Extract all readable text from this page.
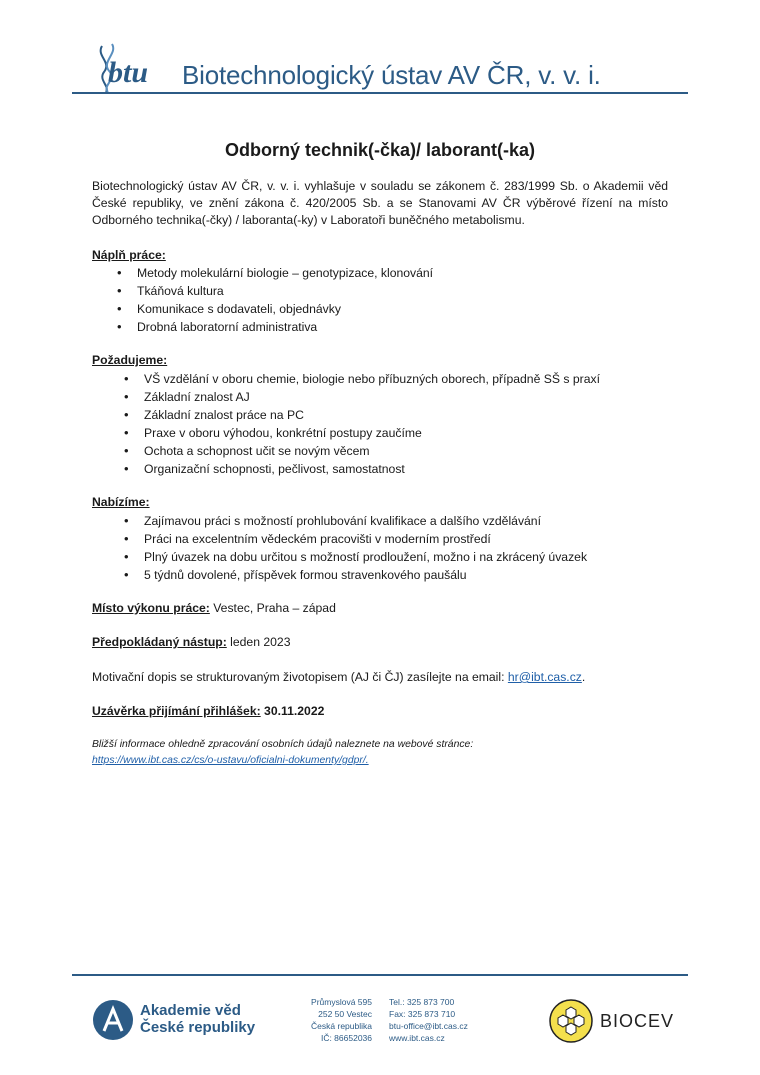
btu Biotechnologický ústav AV ČR, v. v. i.
Odborný technik(-čka)/ laborant(-ka)
Biotechnologický ústav AV ČR, v. v. i. vyhlašuje v souladu se zákonem č. 283/1999 Sb. o Akademii věd České republiky, ve znění zákona č. 420/2005 Sb. a se Stanovami AV ČR výběrové řízení na místo Odborného technika(-čky) / laboranta(-ky) v Laboratoři buněčného metabolismu.
Náplň práce:
• Metody molekulární biologie – genotypizace, klonování
• Tkáňová kultura
• Komunikace s dodavateli, objednávky
• Drobná laboratorní administrativa
Požadujeme:
• VŠ vzdělání v oboru chemie, biologie nebo příbuzných oborech, případně SŠ s praxí
• Základní znalost AJ
• Základní znalost práce na PC
• Praxe v oboru výhodou, konkrétní postupy zaučíme
• Ochota a schopnost učit se novým věcem
• Organizační schopnosti, pečlivost, samostatnost
Nabízíme:
• Zajímavou práci s možností prohlubování kvalifikace a dalšího vzdělávání
• Práci na excelentním vědeckém pracovišti v moderním prostředí
• Plný úvazek na dobu určitou s možností prodloužení, možno i na zkrácený úvazek
• 5 týdnů dovolené, příspěvek formou stravenkového paušálu
Místo výkonu práce: Vestec, Praha – západ
Předpokládaný nástup: leden 2023
Motivační dopis se strukturovaným životopisem (AJ či ČJ) zasílejte na email: hr@ibt.cas.cz.
Uzávěrka přijímání přihlášek: 30.11.2022
Bližší informace ohledně zpracování osobních údajů naleznete na webové stránce:
https://www.ibt.cas.cz/cs/o-ustavu/oficialni-dokumenty/gdpr/.
Akademie věd
České republiky
Průmyslová 595
252 50 Vestec
Česká republika
IČ: 86652036
Tel.: 325 873 700
Fax: 325 873 710
btu-office@ibt.cas.cz
www.ibt.cas.cz
BIOCEV
